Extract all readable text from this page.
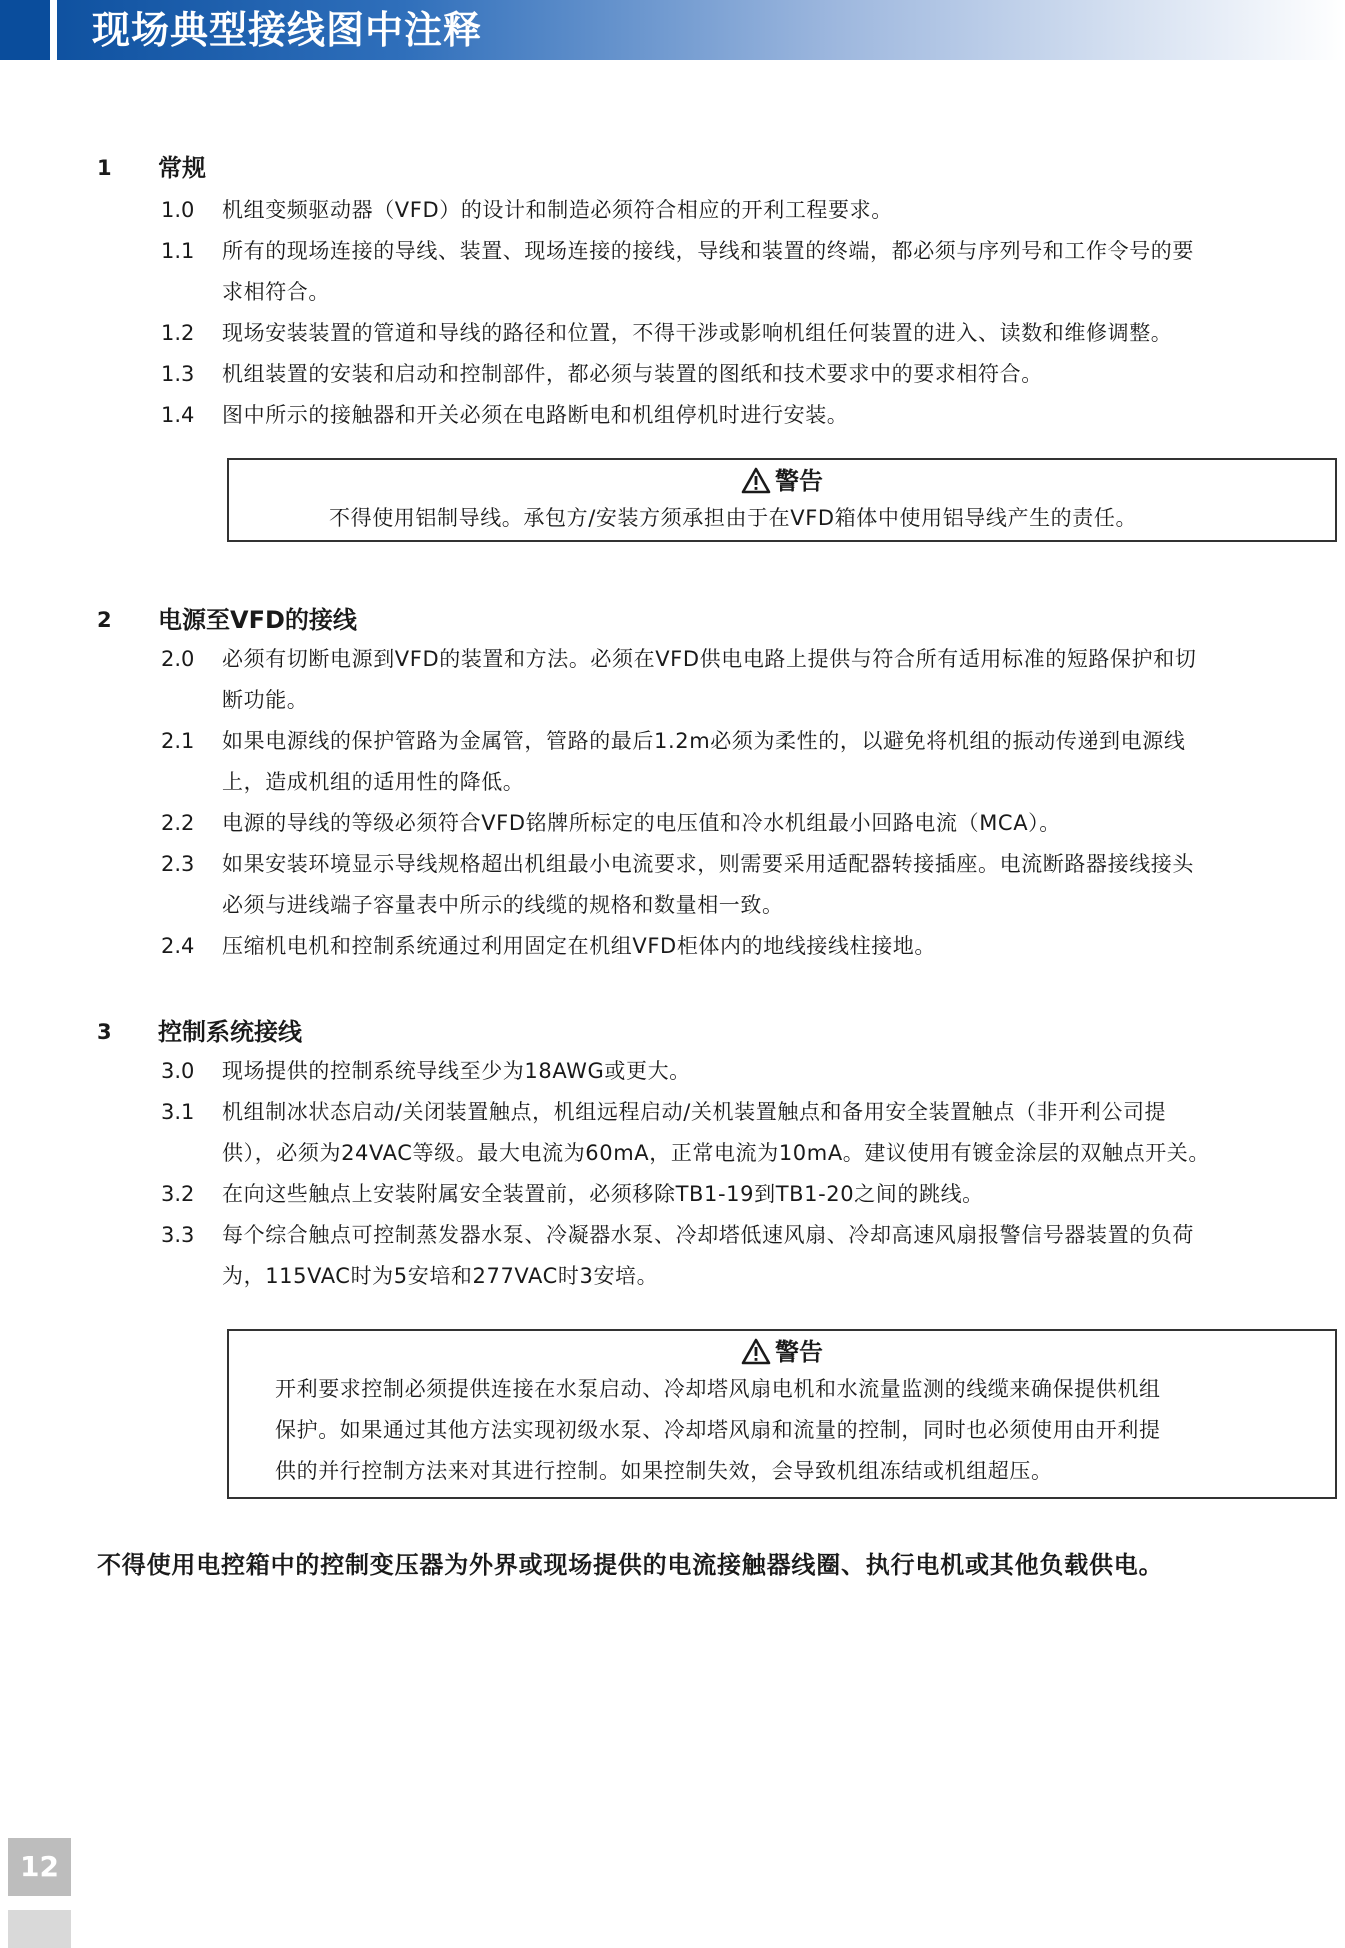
现场典型接线图中注释
1 常规
1.0 机组变频驱动器（VFD）的设计和制造必须符合相应的开利工程要求。
1.1 所有的现场连接的导线、装置、现场连接的接线，导线和装置的终端，都必须与序列号和工作令号的要
求相符合。
1.2 现场安装装置的管道和导线的路径和位置，不得干涉或影响机组任何装置的进入、读数和维修调整。
1.3 机组装置的安装和启动和控制部件，都必须与装置的图纸和技术要求中的要求相符合。
1.4 图中所示的接触器和开关必须在电路断电和机组停机时进行安装。
警告
不得使用铝制导线。承包方/安装方须承担由于在VFD箱体中使用铝导线产生的责任。
2 电源至VFD的接线
2.0 必须有切断电源到VFD的装置和方法。必须在VFD供电电路上提供与符合所有适用标准的短路保护和切
断功能。
2.1 如果电源线的保护管路为金属管，管路的最后1.2m必须为柔性的，以避免将机组的振动传递到电源线
上，造成机组的适用性的降低。
2.2 电源的导线的等级必须符合VFD铭牌所标定的电压值和冷水机组最小回路电流（MCA）。
2.3 如果安装环境显示导线规格超出机组最小电流要求，则需要采用适配器转接插座。电流断路器接线接头
必须与进线端子容量表中所示的线缆的规格和数量相一致。
2.4 压缩机电机和控制系统通过利用固定在机组VFD柜体内的地线接线柱接地。
3 控制系统接线
3.0 现场提供的控制系统导线至少为18AWG或更大。
3.1 机组制冰状态启动/关闭装置触点，机组远程启动/关机装置触点和备用安全装置触点（非开利公司提
供），必须为24VAC等级。最大电流为60mA，正常电流为10mA。建议使用有镀金涂层的双触点开关。
3.2 在向这些触点上安装附属安全装置前，必须移除TB1-19到TB1-20之间的跳线。
3.3 每个综合触点可控制蒸发器水泵、冷凝器水泵、冷却塔低速风扇、冷却高速风扇报警信号器装置的负荷
为，115VAC时为5安培和277VAC时3安培。
警告
开利要求控制必须提供连接在水泵启动、冷却塔风扇电机和水流量监测的线缆来确保提供机组
保护。如果通过其他方法实现初级水泵、冷却塔风扇和流量的控制，同时也必须使用由开利提
供的并行控制方法来对其进行控制。如果控制失效，会导致机组冻结或机组超压。
不得使用电控箱中的控制变压器为外界或现场提供的电流接触器线圈、执行电机或其他负载供电。
12
